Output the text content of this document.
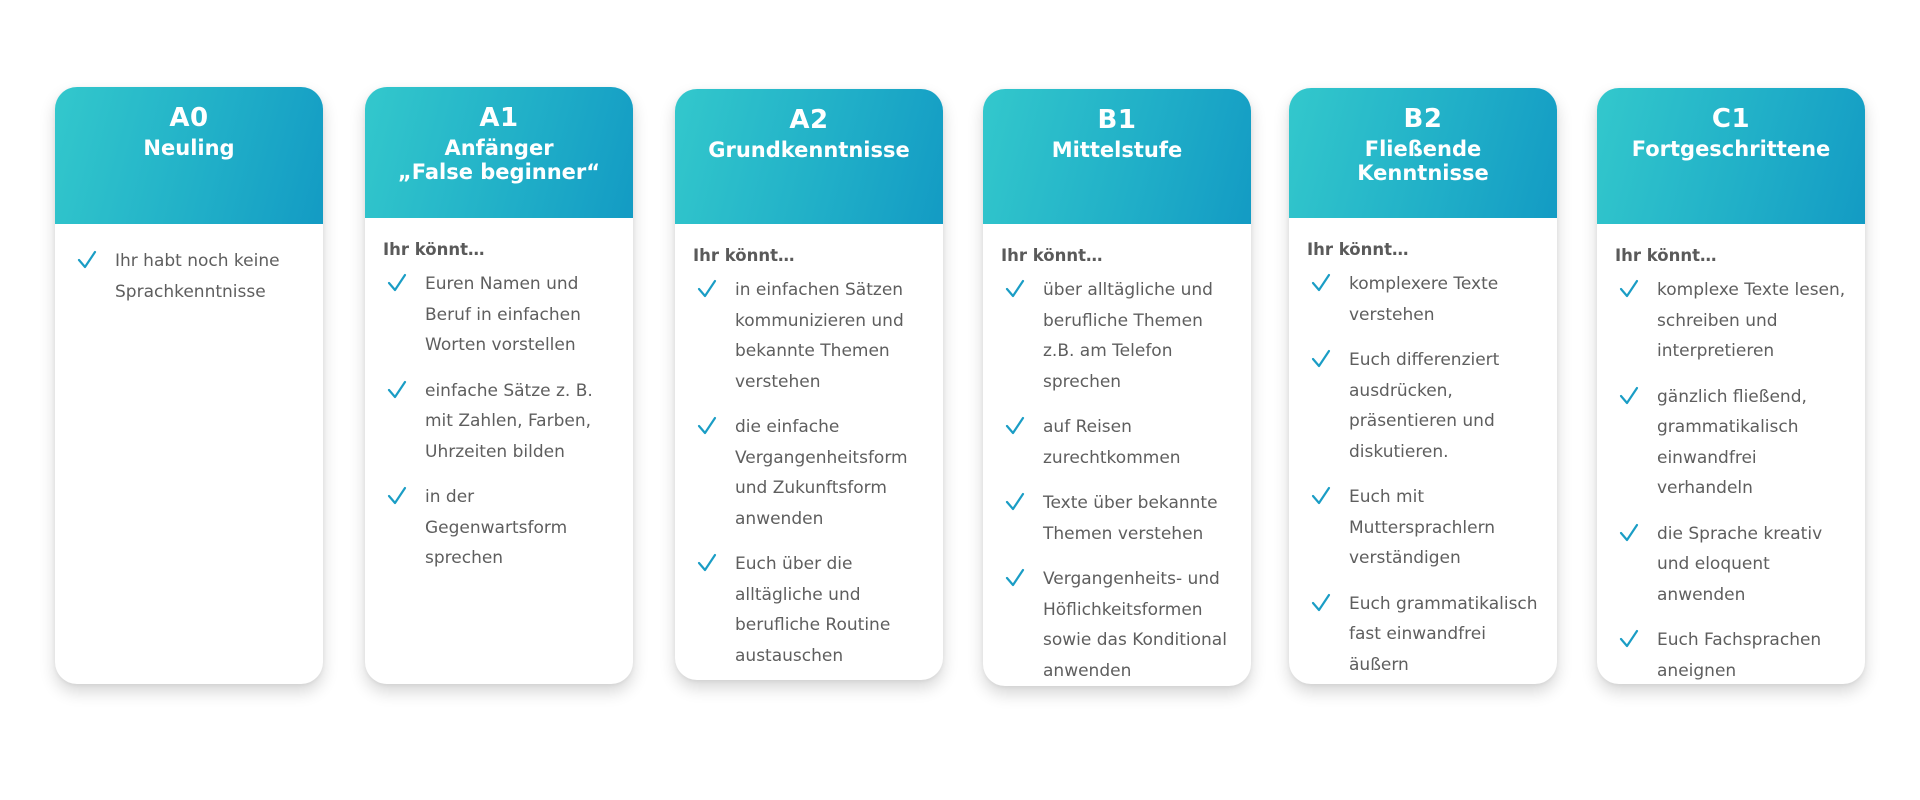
A0
Neuling
Ihr habt noch keine Sprachkenntnisse
A1
Anfänger
„False beginner“

Ihr könnt…

Euren Namen und Beruf in einfachen Worten vorstellen
einfache Sätze z. B. mit Zahlen, Farben, Uhrzeiten bilden
in der Gegenwartsform sprechen
A2
Grundkenntnisse

Ihr könnt…

in einfachen Sätzen kommunizieren und bekannte Themen verstehen
die einfache Vergangenheitsform und Zukunftsform anwenden
Euch über die alltägliche und berufliche Routine austauschen
B1
Mittelstufe

Ihr könnt…

über alltägliche und berufliche Themen z.B. am Telefon sprechen
auf Reisen zurechtkommen
Texte über bekannte Themen verstehen
Vergangenheits- und Höflichkeitsformen sowie das Konditional anwenden
B2
Fließende
Kenntnisse

Ihr könnt…

komplexere Texte verstehen
Euch differenziert ausdrücken, präsentieren und diskutieren.
Euch mit Muttersprachlern verständigen
Euch grammatikalisch fast einwandfrei äußern
C1
Fortgeschrittene

Ihr könnt…

komplexe Texte lesen, schreiben und interpretieren
gänzlich fließend, grammatikalisch einwandfrei verhandeln
die Sprache kreativ und eloquent anwenden
Euch Fachsprachen aneignen
